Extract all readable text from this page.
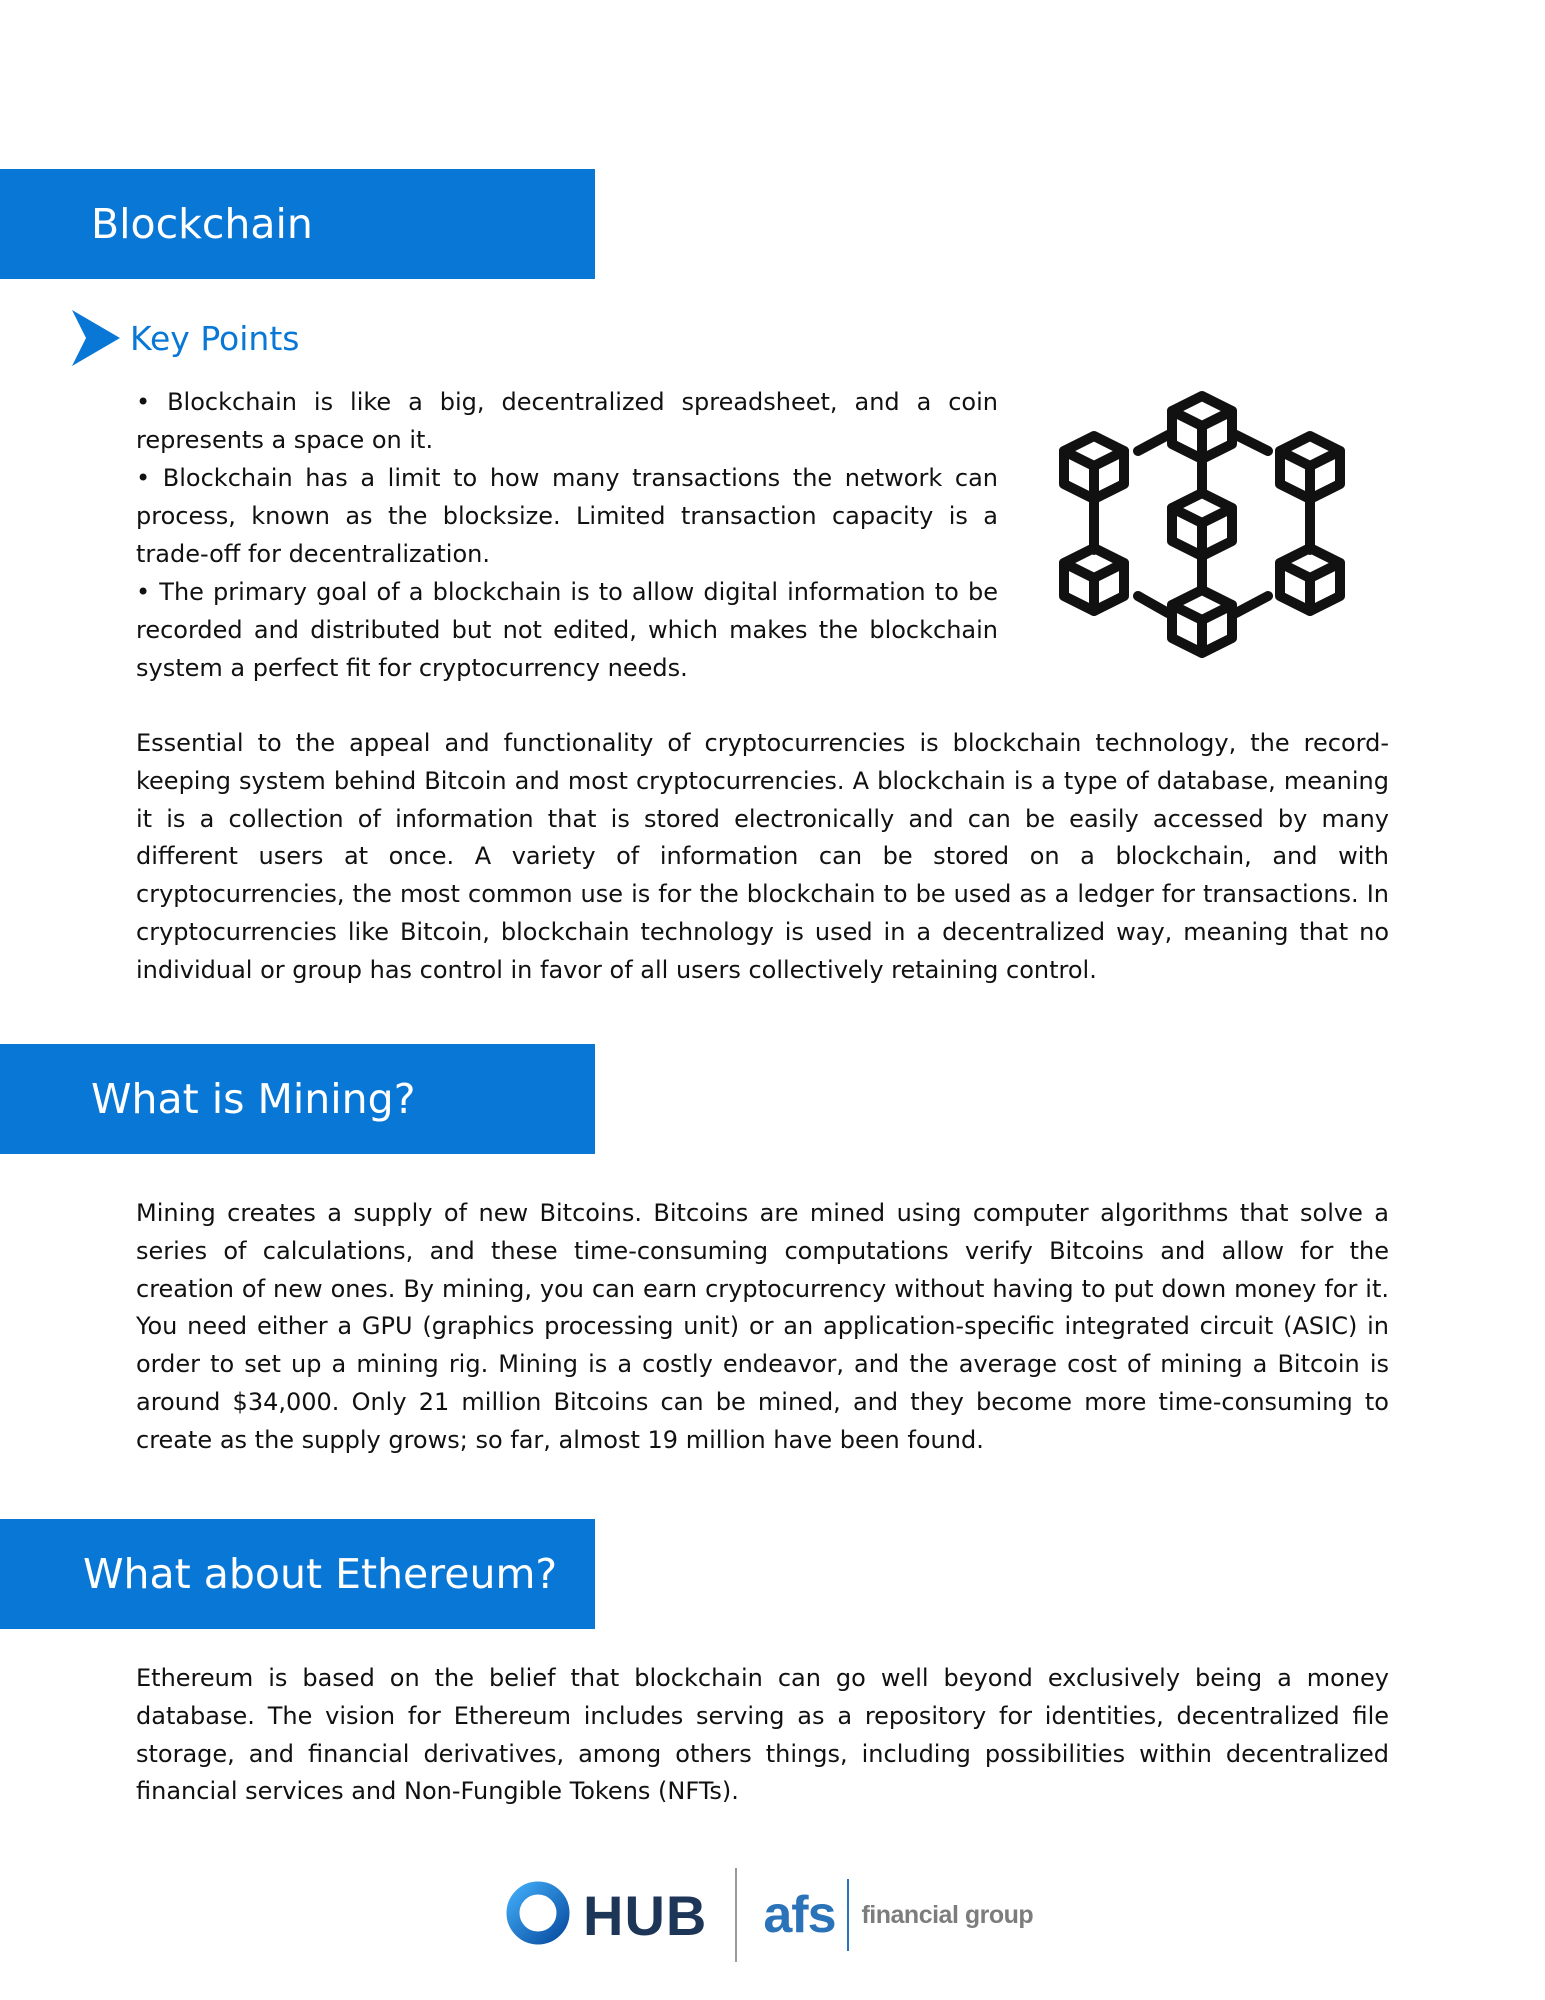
Blockchain
Key Points

• Blockchain is like a big, decentralized spreadsheet, and a coin represents a space on it.

• Blockchain has a limit to how many transactions the network can process, known as the blocksize. Limited transaction capacity is a trade-off for decentralization.

• The primary goal of a blockchain is to allow digital information to be recorded and distributed but not edited, which makes the blockchain system a perfect fit for cryptocurrency needs.

Essential to the appeal and functionality of cryptocurrencies is blockchain technology, the record-keeping system behind Bitcoin and most cryptocurrencies. A blockchain is a type of database, meaning it is a collection of information that is stored electronically and can be easily accessed by many different users at once. A variety of information can be stored on a blockchain, and with cryptocurrencies, the most common use is for the blockchain to be used as a ledger for transactions. In cryptocurrencies like Bitcoin, blockchain technology is used in a decentralized way, meaning that no individual or group has control in favor of all users collectively retaining control.

What is Mining?

Mining creates a supply of new Bitcoins. Bitcoins are mined using computer algorithms that solve a series of calculations, and these time-consuming computations verify Bitcoins and allow for the creation of new ones. By mining, you can earn cryptocurrency without having to put down money for it. You need either a GPU (graphics processing unit) or an application-specific integrated circuit (ASIC) in order to set up a mining rig. Mining is a costly endeavor, and the average cost of mining a Bitcoin is around $34,000. Only 21 million Bitcoins can be mined, and they become more time-consuming to create as the supply grows; so far, almost 19 million have been found.

What about Ethereum?

Ethereum is based on the belief that blockchain can go well beyond exclusively being a money database. The vision for Ethereum includes serving as a repository for identities, decentralized file storage, and financial derivatives, among others things, including possibilities within decentralized financial services and Non-Fungible Tokens (NFTs).

HUB afs financial group
